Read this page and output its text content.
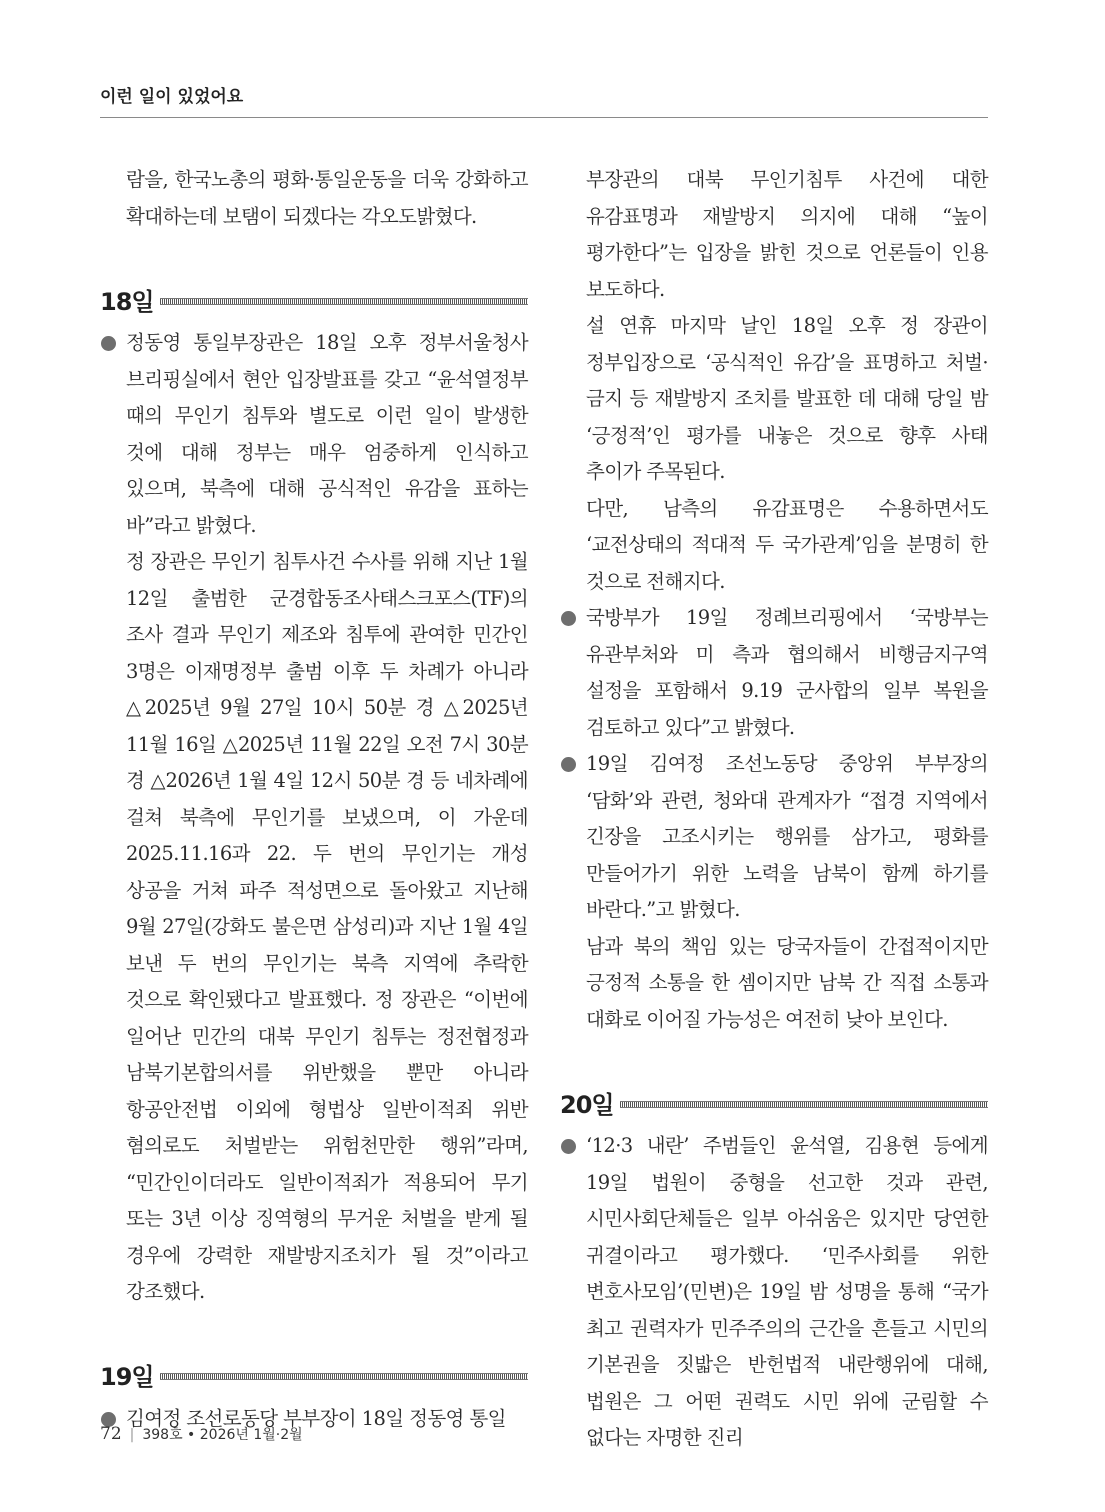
이런 일이 있었어요

람을, 한국노총의 평화·통일운동을 더욱 강화하고 확대하는데 보탬이 되겠다는 각오도밝혔다.

18일

정동영 통일부장관은 18일 오후 정부서울청사 브리핑실에서 현안 입장발표를 갖고 “윤석열정부 때의 무인기 침투와 별도로 이런 일이 발생한 것에 대해 정부는 매우 엄중하게 인식하고 있으며, 북측에 대해 공식적인 유감을 표하는 바”라고 밝혔다.

정 장관은 무인기 침투사건 수사를 위해 지난 1월 12일 출범한 군경합동조사태스크포스(TF)의 조사 결과 무인기 제조와 침투에 관여한 민간인 3명은 이재명정부 출범 이후 두 차례가 아니라 △2025년 9월 27일 10시 50분 경 △2025년 11월 16일 △2025년 11월 22일 오전 7시 30분 경 △2026년 1월 4일 12시 50분 경 등 네차례에 걸쳐 북측에 무인기를 보냈으며, 이 가운데 2025.11.16과 22. 두 번의 무인기는 개성 상공을 거쳐 파주 적성면으로 돌아왔고 지난해 9월 27일(강화도 불은면 삼성리)과 지난 1월 4일 보낸 두 번의 무인기는 북측 지역에 추락한 것으로 확인됐다고 발표했다. 정 장관은 “이번에 일어난 민간의 대북 무인기 침투는 정전협정과 남북기본합의서를 위반했을 뿐만 아니라 항공안전법 이외에 형법상 일반이적죄 위반 혐의로도 처벌받는 위험천만한 행위”라며, “민간인이더라도 일반이적죄가 적용되어 무기 또는 3년 이상 징역형의 무거운 처벌을 받게 될 경우에 강력한 재발방지조치가 될 것”이라고 강조했다.

19일

김여정 조선로동당 부부장이 18일 정동영 통일

부장관의 대북 무인기침투 사건에 대한 유감표명과 재발방지 의지에 대해 “높이 평가한다”는 입장을 밝힌 것으로 언론들이 인용 보도하다.

설 연휴 마지막 날인 18일 오후 정 장관이 정부입장으로 ‘공식적인 유감’을 표명하고 처벌·금지 등 재발방지 조치를 발표한 데 대해 당일 밤 ‘긍정적’인 평가를 내놓은 것으로 향후 사태 추이가 주목된다.

다만, 남측의 유감표명은 수용하면서도 ‘교전상태의 적대적 두 국가관계’임을 분명히 한 것으로 전해지다.

국방부가 19일 정례브리핑에서 ‘국방부는 유관부처와 미 측과 협의해서 비행금지구역 설정을 포함해서 9.19 군사합의 일부 복원을 검토하고 있다”고 밝혔다.

19일 김여정 조선노동당 중앙위 부부장의 ‘담화’와 관련, 청와대 관계자가 “접경 지역에서 긴장을 고조시키는 행위를 삼가고, 평화를 만들어가기 위한 노력을 남북이 함께 하기를 바란다.”고 밝혔다.

남과 북의 책임 있는 당국자들이 간접적이지만 긍정적 소통을 한 셈이지만 남북 간 직접 소통과 대화로 이어질 가능성은 여전히 낮아 보인다.

20일

‘12·3 내란’ 주범들인 윤석열, 김용현 등에게 19일 법원이 중형을 선고한 것과 관련, 시민사회단체들은 일부 아쉬움은 있지만 당연한 귀결이라고 평가했다. ‘민주사회를 위한 변호사모임’(민변)은 19일 밤 성명을 통해 “국가 최고 권력자가 민주주의의 근간을 흔들고 시민의 기본권을 짓밟은 반헌법적 내란행위에 대해, 법원은 그 어떤 권력도 시민 위에 군림할 수 없다는 자명한 진리

72 | 398호 • 2026년 1월·2월
